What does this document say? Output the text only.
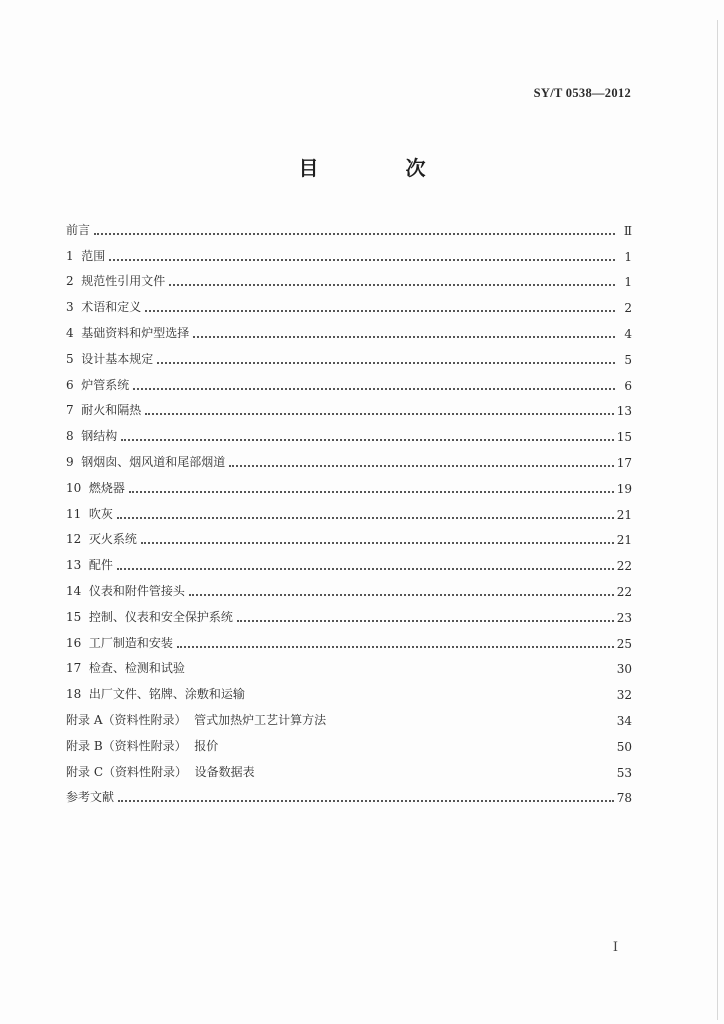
SY/T 0538—2012
目 次
前言	Ⅱ
1  范围	1
2  规范性引用文件	1
3  术语和定义	2
4  基础资料和炉型选择	4
5  设计基本规定	5
6  炉管系统	6
7  耐火和隔热	13
8  钢结构	15
9  钢烟囱、烟风道和尾部烟道	17
10  燃烧器	19
11  吹灰	21
12  灭火系统	21
13  配件	22
14  仪表和附件管接头	22
15  控制、仪表和安全保护系统	23
16  工厂制造和安装	25
17  检查、检测和试验	30
18  出厂文件、铭牌、涂敷和运输	32
附录 A（资料性附录）  管式加热炉工艺计算方法	34
附录 B（资料性附录）  报价	50
附录 C（资料性附录）  设备数据表	53
参考文献	78
I
